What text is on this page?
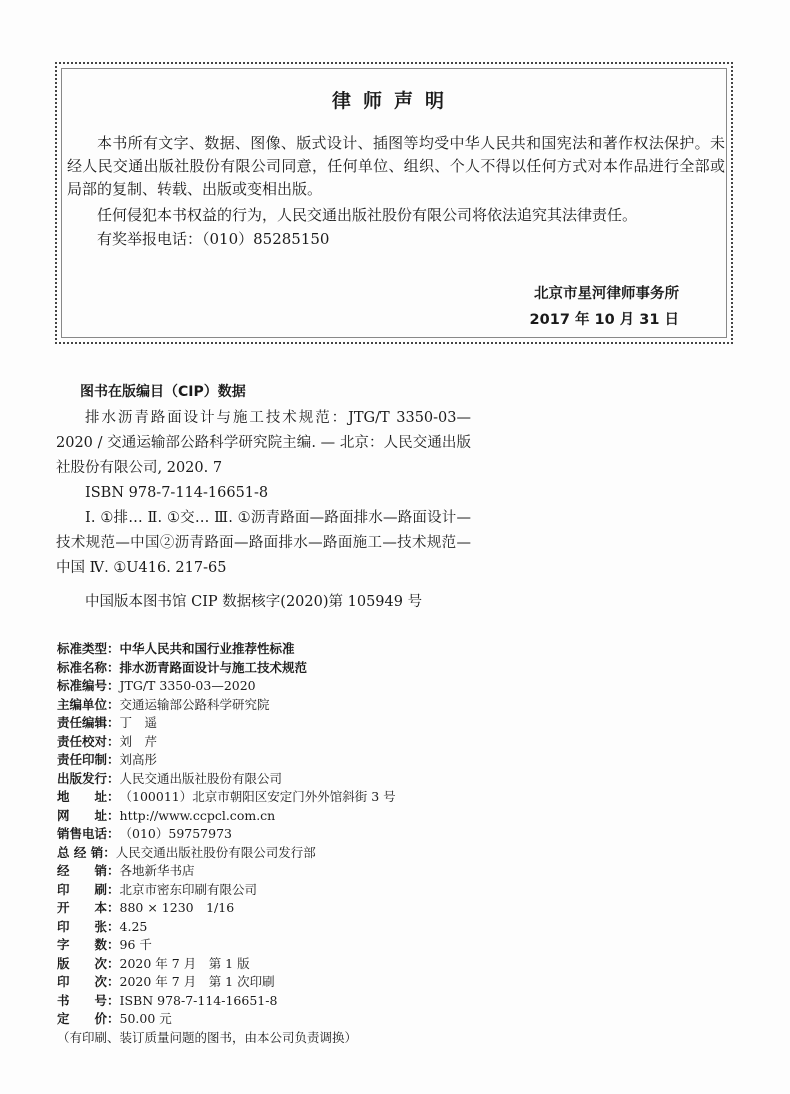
律师声明

本书所有文字、数据、图像、版式设计、插图等均受中华人民共和国宪法和著作权法保护。未经人民交通出版社股份有限公司同意，任何单位、组织、个人不得以任何方式对本作品进行全部或局部的复制、转载、出版或变相出版。

任何侵犯本书权益的行为，人民交通出版社股份有限公司将依法追究其法律责任。

有奖举报电话：（010）85285150

北京市星河律师事务所
2017 年 10 月 31 日
图书在版编目（CIP）数据

排水沥青路面设计与施工技术规范：JTG/T 3350-03—2020 / 交通运输部公路科学研究院主编. — 北京：人民交通出版社股份有限公司, 2020. 7
ISBN 978-7-114-16651-8

Ⅰ. ①排… Ⅱ. ①交… Ⅲ. ①沥青路面—路面排水—路面设计—技术规范—中国②沥青路面—路面排水—路面施工—技术规范—中国 Ⅳ. ①U416. 217-65

中国版本图书馆 CIP 数据核字(2020)第 105949 号

标准类型： 中华人民共和国行业推荐性标准
标准名称： 排水沥青路面设计与施工技术规范
标准编号： JTG/T 3350-03—2020
主编单位： 交通运输部公路科学研究院
责任编辑： 丁　遥
责任校对： 刘　芹
责任印制： 刘高彤
出版发行： 人民交通出版社股份有限公司
地　　址： （100011）北京市朝阳区安定门外外馆斜街 3 号
网　　址： http://www.ccpcl.com.cn
销售电话： （010）59757973
总 经 销： 人民交通出版社股份有限公司发行部
经　　销： 各地新华书店
印　　刷： 北京市密东印刷有限公司
开　　本： 880 × 1230　1/16
印　　张： 4.25
字　　数： 96 千
版　　次： 2020 年 7 月　第 1 版
印　　次： 2020 年 7 月　第 1 次印刷
书　　号： ISBN 978-7-114-16651-8
定　　价： 50.00 元
（有印刷、装订质量问题的图书，由本公司负责调换）
